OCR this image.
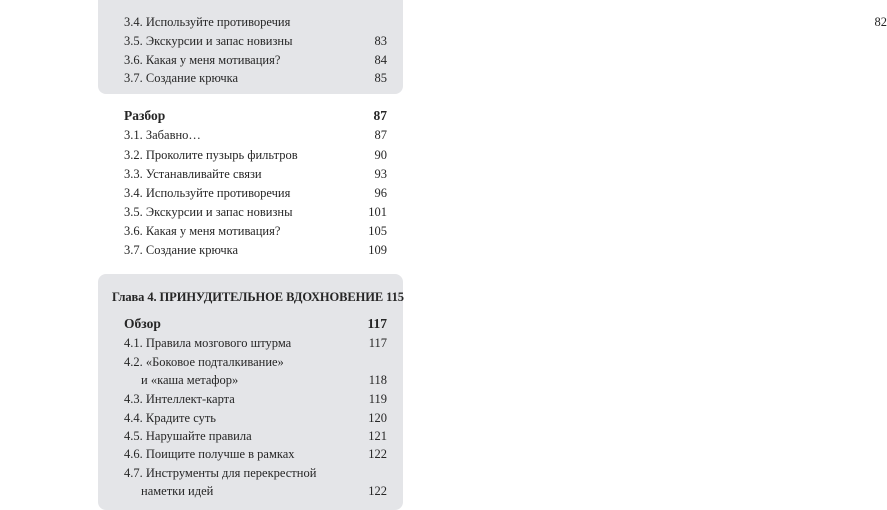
3.4. Используйте противоречия	82
3.5. Экскурсии и запас новизны	83
3.6. Какая у меня мотивация?	84
3.7. Создание крючка	85
Разбор	87
3.1. Забавно…	87
3.2. Проколите пузырь фильтров	90
3.3. Устанавливайте связи	93
3.4. Используйте противоречия	96
3.5. Экскурсии и запас новизны	101
3.6. Какая у меня мотивация?	105
3.7. Создание крючка	109
Глава 4. ПРИНУДИТЕЛЬНОЕ ВДОХНОВЕНИЕ 115
Обзор	117
4.1. Правила мозгового штурма	117
4.2. «Боковое подталкивание»
и «каша метафор»	118
4.3. Интеллект-карта	119
4.4. Крадите суть	120
4.5. Нарушайте правила	121
4.6. Поищите получше в рамках	122
4.7. Инструменты для перекрестной
наметки идей	122
